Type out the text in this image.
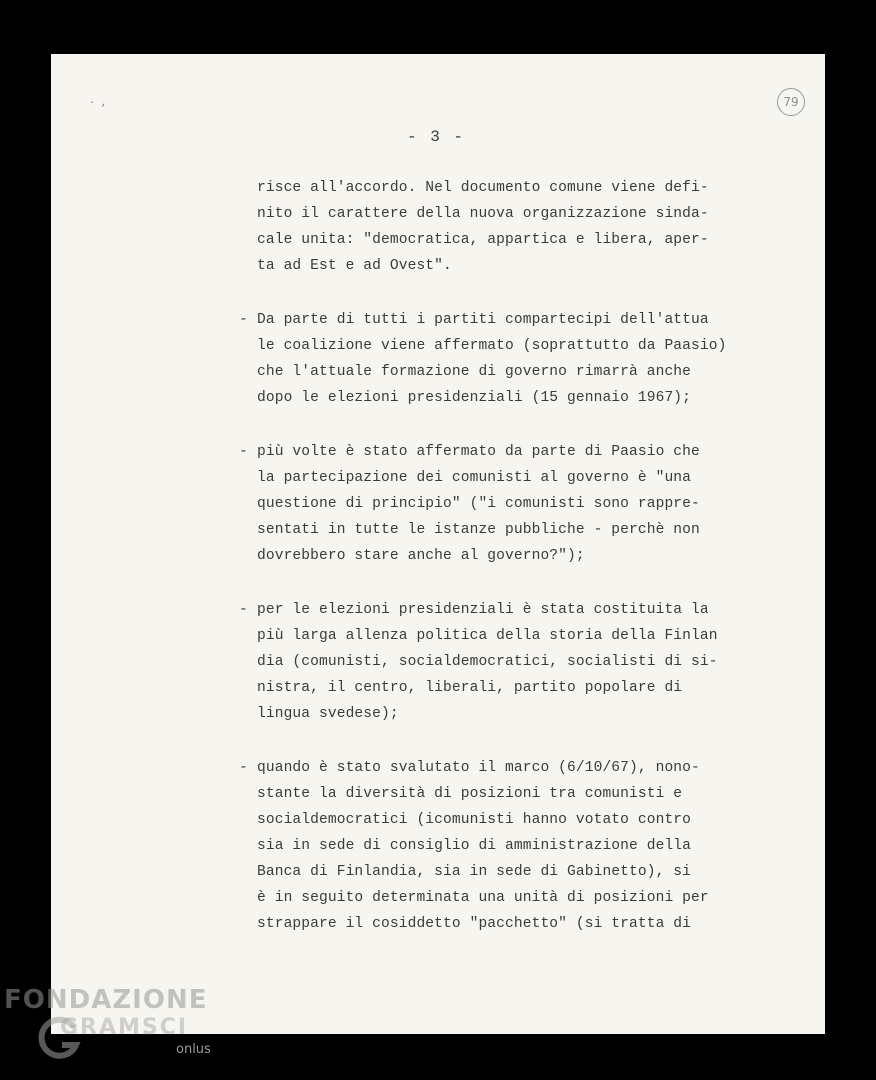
· ,	79
- 3 -
risce all'accordo. Nel documento comune viene defi-
nito il carattere della nuova organizzazione sinda-
cale unita: "democratica, appartica e libera, aper-
ta ad Est e ad Ovest".
- Da parte di tutti i partiti compartecipi dell'attua
le coalizione viene affermato (soprattutto da Paasio)
che l'attuale formazione di governo rimarrà anche
dopo le elezioni presidenziali (15 gennaio 1967);
- più volte è stato affermato da parte di Paasio che
la partecipazione dei comunisti al governo è "una
questione di principio" ("i comunisti sono rappre-
sentati in tutte le istanze pubbliche - perchè non
dovrebbero stare anche al governo?");
- per le elezioni presidenziali è stata costituita la
più larga allenza politica della storia della Finlan
dia (comunisti, socialdemocratici, socialisti di si-
nistra, il centro, liberali, partito popolare di
lingua svedese);
- quando è stato svalutato il marco (6/10/67), nono-
stante la diversità di posizioni tra comunisti e
socialdemocratici (icomunisti hanno votato contro
sia in sede di consiglio di amministrazione della
Banca di Finlandia, sia in sede di Gabinetto), si
è in seguito determinata una unità di posizioni per
strappare il cosiddetto "pacchetto" (si tratta di
FONDAZIONE
GRAMSCI
onlus
